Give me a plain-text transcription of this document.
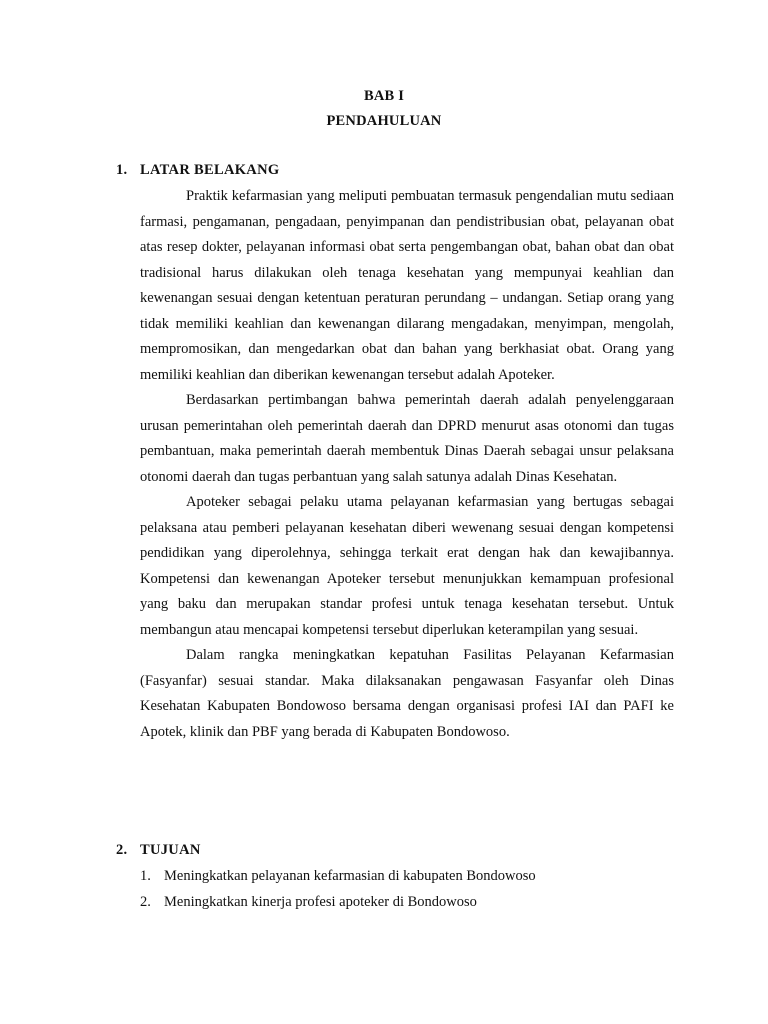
BAB I
PENDAHULUAN
1. LATAR BELAKANG

Praktik kefarmasian yang meliputi pembuatan termasuk pengendalian mutu sediaan farmasi, pengamanan, pengadaan, penyimpanan dan pendistribusian obat, pelayanan obat atas resep dokter, pelayanan informasi obat serta pengembangan obat, bahan obat dan obat tradisional harus dilakukan oleh tenaga kesehatan yang mempunyai keahlian dan kewenangan sesuai dengan ketentuan peraturan perundang – undangan. Setiap orang yang tidak memiliki keahlian dan kewenangan dilarang mengadakan, menyimpan, mengolah, mempromosikan, dan mengedarkan obat dan bahan yang berkhasiat obat. Orang yang memiliki keahlian dan diberikan kewenangan tersebut adalah Apoteker.

Berdasarkan pertimbangan bahwa pemerintah daerah adalah penyelenggaraan urusan pemerintahan oleh pemerintah daerah dan DPRD menurut asas otonomi dan tugas pembantuan, maka pemerintah daerah membentuk Dinas Daerah sebagai unsur pelaksana otonomi daerah dan tugas perbantuan yang salah satunya adalah Dinas Kesehatan.

Apoteker sebagai pelaku utama pelayanan kefarmasian yang bertugas sebagai pelaksana atau pemberi pelayanan kesehatan diberi wewenang sesuai dengan kompetensi pendidikan yang diperolehnya, sehingga terkait erat dengan hak dan kewajibannya. Kompetensi dan kewenangan Apoteker tersebut menunjukkan kemampuan profesional yang baku dan merupakan standar profesi untuk tenaga kesehatan tersebut. Untuk membangun atau mencapai kompetensi tersebut diperlukan keterampilan yang sesuai.

Dalam rangka meningkatkan kepatuhan Fasilitas Pelayanan Kefarmasian (Fasyanfar) sesuai standar. Maka dilaksanakan pengawasan Fasyanfar oleh Dinas Kesehatan Kabupaten Bondowoso bersama dengan organisasi profesi IAI dan PAFI ke Apotek, klinik dan PBF yang berada di Kabupaten Bondowoso.

2. TUJUAN
1. Meningkatkan pelayanan kefarmasian di kabupaten Bondowoso
2. Meningkatkan kinerja profesi apoteker di Bondowoso
